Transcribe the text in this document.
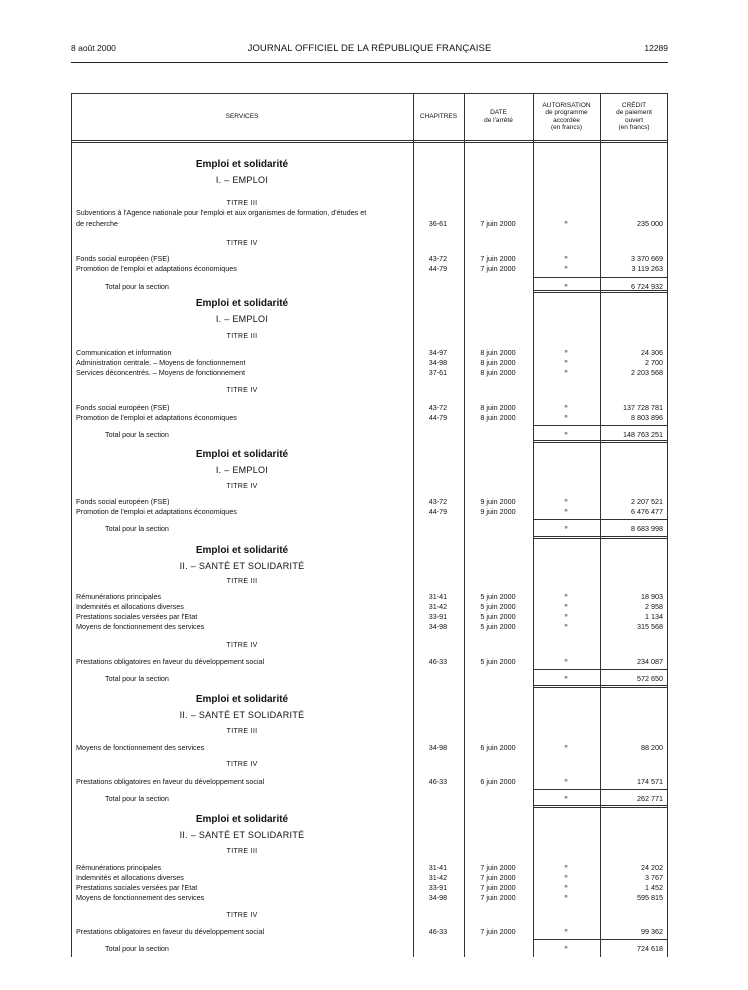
8 août 2000	JOURNAL OFFICIEL DE LA RÉPUBLIQUE FRANÇAISE	12289
SERVICES	CHAPITRES
DATE
de l'arrêté
AUTORISATION
de programme
accordée
(en francs)
CRÉDIT
de paiement
ouvert
(en francs)
Emploi et solidarité
I. – EMPLOI
TITRE III
Subventions à l'Agence nationale pour l'emploi et aux organismes de formation, d'études et
de recherche	36-61	7 juin 2000	»	235 000
TITRE IV
Fonds social européen (FSE)	43-72	7 juin 2000	»	3 370 669
Promotion de l'emploi et adaptations économiques	44-79	7 juin 2000	»	3 119 263
Total pour la section	»	6 724 932
Emploi et solidarité
I. – EMPLOI
TITRE III
Communication et information	34-97	8 juin 2000	»	24 306
Administration centrale. – Moyens de fonctionnement	34-98	8 juin 2000	»	2 700
Services déconcentrés. – Moyens de fonctionnement	37-61	8 juin 2000	»	2 203 568
TITRE IV
Fonds social européen (FSE)	43-72	8 juin 2000	»	137 728 781
Promotion de l'emploi et adaptations économiques	44-79	8 juin 2000	»	8 803 896
Total pour la section	»	148 763 251
Emploi et solidarité
I. – EMPLOI
TITRE IV
Fonds social européen (FSE)	43-72	9 juin 2000	»	2 207 521
Promotion de l'emploi et adaptations économiques	44-79	9 juin 2000	»	6 476 477
Total pour la section	»	8 683 998
Emploi et solidarité
II. – SANTÉ ET SOLIDARITÉ
TITRE III
Rémunérations principales	31-41	5 juin 2000	»	18 903
Indemnités et allocations diverses	31-42	5 juin 2000	»	2 958
Prestations sociales versées par l'Etat	33-91	5 juin 2000	»	1 134
Moyens de fonctionnement des services	34-98	5 juin 2000	»	315 568
TITRE IV
Prestations obligatoires en faveur du développement social	46-33	5 juin 2000	»	234 087
Total pour la section	»	572 650
Emploi et solidarité
II. – SANTÉ ET SOLIDARITÉ
TITRE III
Moyens de fonctionnement des services	34-98	6 juin 2000	»	88 200
TITRE IV
Prestations obligatoires en faveur du développement social	46-33	6 juin 2000	»	174 571
Total pour la section	»	262 771
Emploi et solidarité
II. – SANTÉ ET SOLIDARITÉ
TITRE III
Rémunérations principales	31-41	7 juin 2000	»	24 202
Indemnités et allocations diverses	31-42	7 juin 2000	»	3 767
Prestations sociales versées par l'Etat	33-91	7 juin 2000	»	1 452
Moyens de fonctionnement des services	34-98	7 juin 2000	»	595 815
TITRE IV
Prestations obligatoires en faveur du développement social	46-33	7 juin 2000	»	99 362
Total pour la section	»	724 618
